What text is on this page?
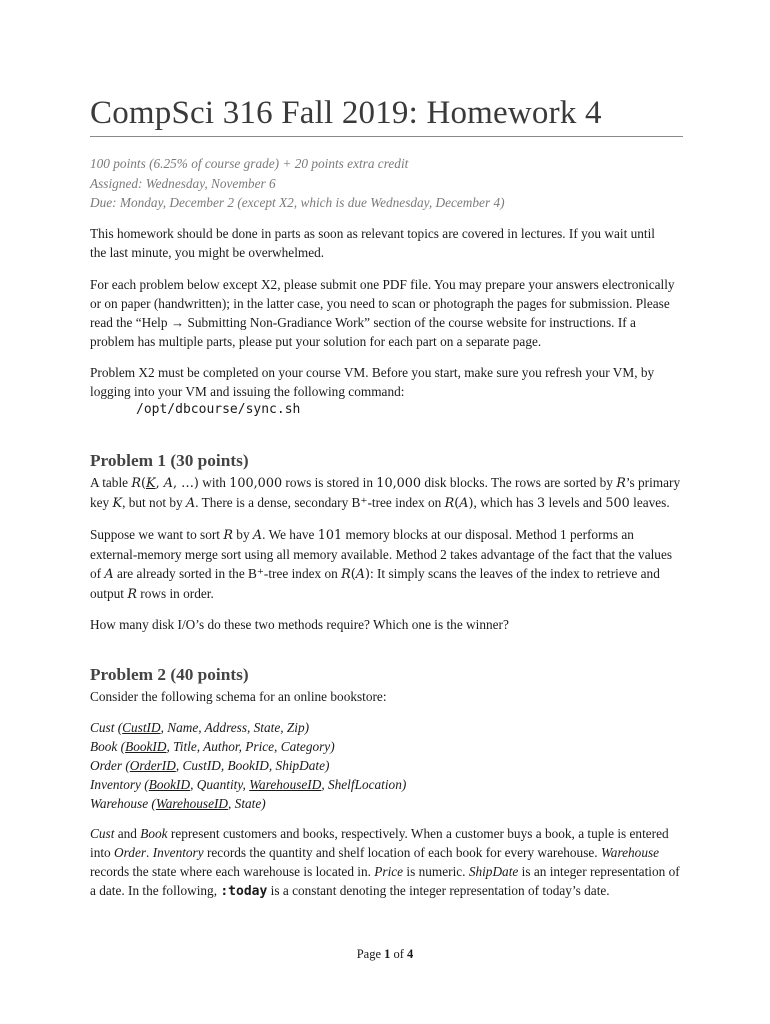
CompSci 316 Fall 2019: Homework 4
100 points (6.25% of course grade) + 20 points extra credit
Assigned: Wednesday, November 6
Due: Monday, December 2 (except X2, which is due Wednesday, December 4)
This homework should be done in parts as soon as relevant topics are covered in lectures. If you wait until
the last minute, you might be overwhelmed.
For each problem below except X2, please submit one PDF file. You may prepare your answers electronically
or on paper (handwritten); in the latter case, you need to scan or photograph the pages for submission. Please
read the “Help → Submitting Non-Gradiance Work” section of the course website for instructions. If a
problem has multiple parts, please put your solution for each part on a separate page.
Problem X2 must be completed on your course VM. Before you start, make sure you refresh your VM, by
logging into your VM and issuing the following command:
/opt/dbcourse/sync.sh
Problem 1 (30 points)
A table R(K, A, …) with 100,000 rows is stored in 10,000 disk blocks. The rows are sorted by R’s primary
key K, but not by A. There is a dense, secondary B⁺-tree index on R(A), which has 3 levels and 500 leaves.
Suppose we want to sort R by A. We have 101 memory blocks at our disposal. Method 1 performs an
external-memory merge sort using all memory available. Method 2 takes advantage of the fact that the values
of A are already sorted in the B⁺-tree index on R(A): It simply scans the leaves of the index to retrieve and
output R rows in order.
How many disk I/O’s do these two methods require? Which one is the winner?
Problem 2 (40 points)
Consider the following schema for an online bookstore:
Cust (CustID, Name, Address, State, Zip)
Book (BookID, Title, Author, Price, Category)
Order (OrderID, CustID, BookID, ShipDate)
Inventory (BookID, Quantity, WarehouseID, ShelfLocation)
Warehouse (WarehouseID, State)
Cust and Book represent customers and books, respectively. When a customer buys a book, a tuple is entered
into Order. Inventory records the quantity and shelf location of each book for every warehouse. Warehouse
records the state where each warehouse is located in. Price is numeric. ShipDate is an integer representation of
a date. In the following, :today is a constant denoting the integer representation of today’s date.
Page 1 of 4
